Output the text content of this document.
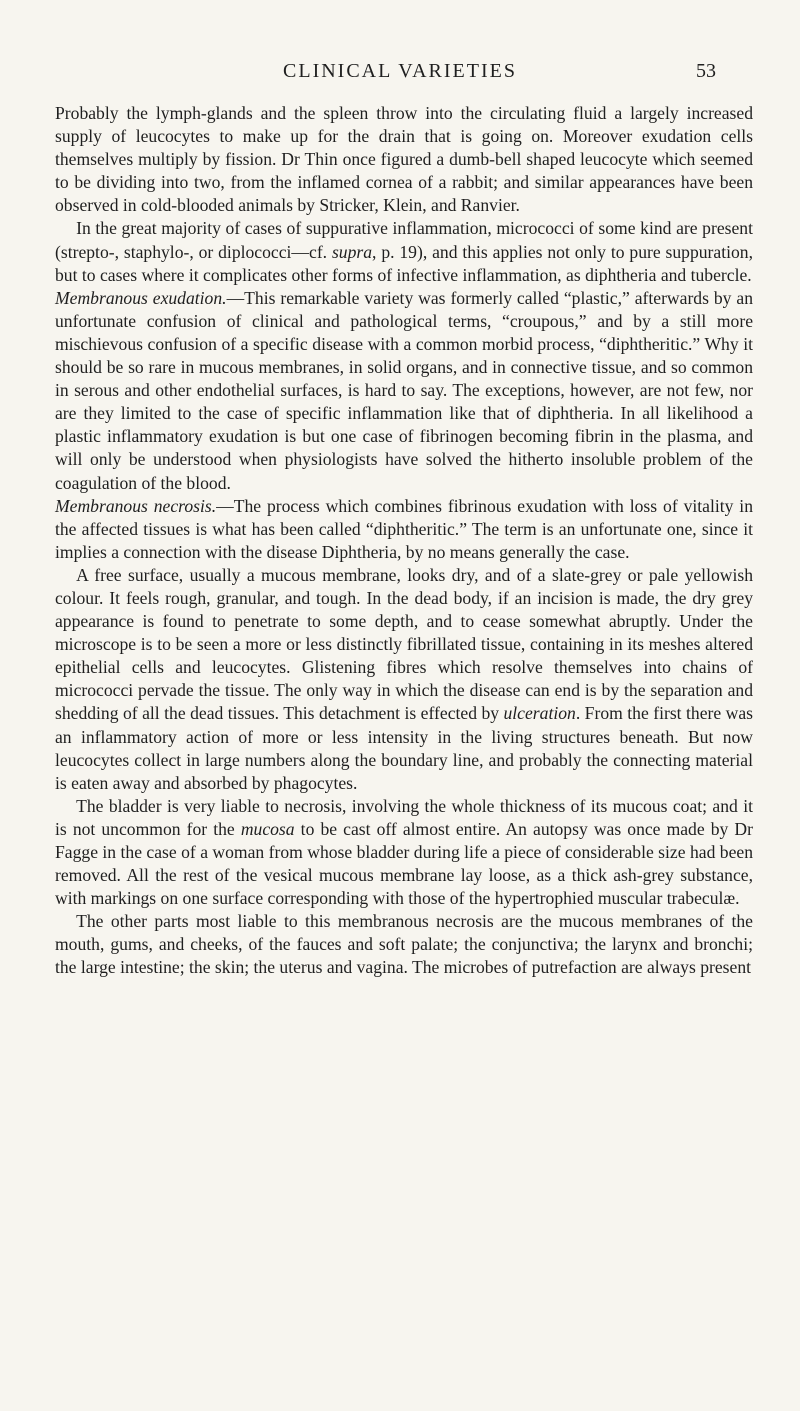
CLINICAL VARIETIES	53

Probably the lymph-glands and the spleen throw into the circulating fluid a largely increased supply of leucocytes to make up for the drain that is going on. Moreover exudation cells themselves multiply by fission. Dr Thin once figured a dumb-bell shaped leucocyte which seemed to be dividing into two, from the inflamed cornea of a rabbit; and similar appearances have been observed in cold-blooded animals by Stricker, Klein, and Ranvier.

In the great majority of cases of suppurative inflammation, micrococci of some kind are present (strepto-, staphylo-, or diplococci—cf. supra, p. 19), and this applies not only to pure suppuration, but to cases where it complicates other forms of infective inflammation, as diphtheria and tubercle.

Membranous exudation.—This remarkable variety was formerly called “plastic,” afterwards by an unfortunate confusion of clinical and pathological terms, “croupous,” and by a still more mischievous confusion of a specific disease with a common morbid process, “diphtheritic.” Why it should be so rare in mucous membranes, in solid organs, and in connective tissue, and so common in serous and other endothelial surfaces, is hard to say. The exceptions, however, are not few, nor are they limited to the case of specific inflammation like that of diphtheria. In all likelihood a plastic inflammatory exudation is but one case of fibrinogen becoming fibrin in the plasma, and will only be understood when physiologists have solved the hitherto insoluble problem of the coagulation of the blood.

Membranous necrosis.—The process which combines fibrinous exudation with loss of vitality in the affected tissues is what has been called “diphtheritic.” The term is an unfortunate one, since it implies a connection with the disease Diphtheria, by no means generally the case.

A free surface, usually a mucous membrane, looks dry, and of a slate-grey or pale yellowish colour. It feels rough, granular, and tough. In the dead body, if an incision is made, the dry grey appearance is found to penetrate to some depth, and to cease somewhat abruptly. Under the microscope is to be seen a more or less distinctly fibrillated tissue, containing in its meshes altered epithelial cells and leucocytes. Glistening fibres which resolve themselves into chains of micrococci pervade the tissue. The only way in which the disease can end is by the separation and shedding of all the dead tissues. This detachment is effected by ulceration. From the first there was an inflammatory action of more or less intensity in the living structures beneath. But now leucocytes collect in large numbers along the boundary line, and probably the connecting material is eaten away and absorbed by phagocytes.

The bladder is very liable to necrosis, involving the whole thickness of its mucous coat; and it is not uncommon for the mucosa to be cast off almost entire. An autopsy was once made by Dr Fagge in the case of a woman from whose bladder during life a piece of considerable size had been removed. All the rest of the vesical mucous membrane lay loose, as a thick ash-grey substance, with markings on one surface corresponding with those of the hypertrophied muscular trabeculæ.

The other parts most liable to this membranous necrosis are the mucous membranes of the mouth, gums, and cheeks, of the fauces and soft palate; the conjunctiva; the larynx and bronchi; the large intestine; the skin; the uterus and vagina. The microbes of putrefaction are always present
